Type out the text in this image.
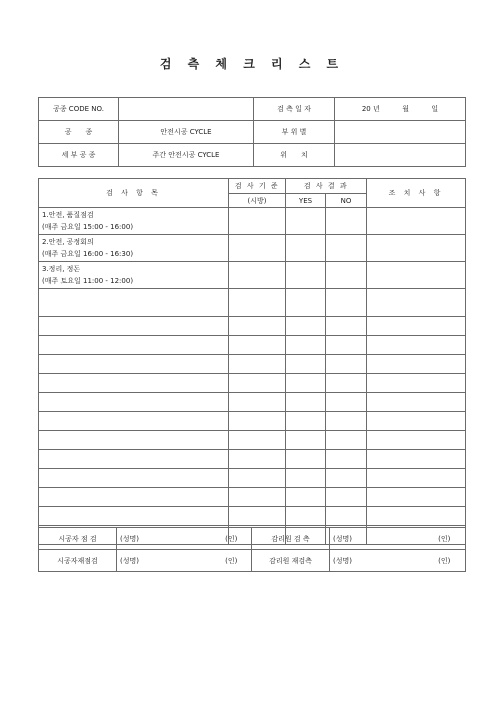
검 측 체 크 리 스 트
공종 CODE NO.		검 측 일 자	20 년 월 일
공　　종	안전시공 CYCLE	부 위 별	
세 부 공 종	주간 안전시공 CYCLE	위　　치	
검 사 항 목	검 사 기 준	검 사 결 과		조 치 사 항
	(시방)	YES	NO	

1.안전, 품질점검
(매주 금요일 15:00 - 16:00)				

2.안전, 공정회의
(매주 금요일 16:00 - 16:30)				

3.정리, 정돈
(매주 토요일 11:00 - 12:00)				

시공자 점 검	(성명)	(인)	감리원 검 측	(성명)	(인)
시공자재점검	(성명)	(인)	감리원 재검측	(성명)	(인)
